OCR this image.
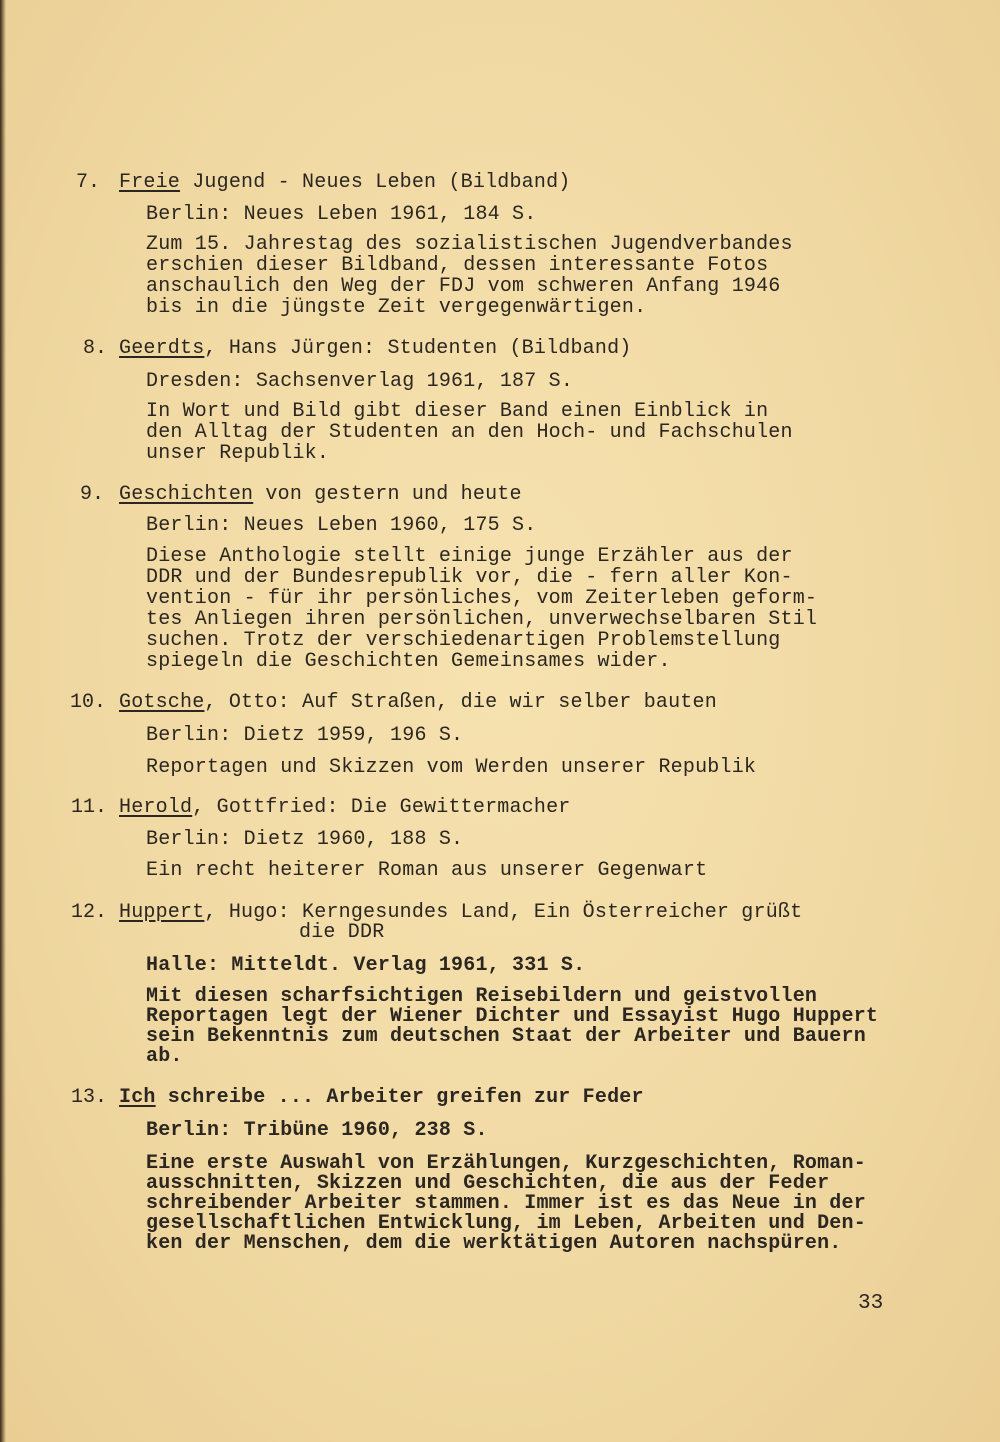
7. Freie Jugend - Neues Leben (Bildband)
Berlin: Neues Leben 1961, 184 S.
Zum 15. Jahrestag des sozialistischen Jugendverbandes
erschien dieser Bildband, dessen interessante Fotos
anschaulich den Weg der FDJ vom schweren Anfang 1946
bis in die jüngste Zeit vergegenwärtigen.
8. Geerdts, Hans Jürgen: Studenten (Bildband)
Dresden: Sachsenverlag 1961, 187 S.
In Wort und Bild gibt dieser Band einen Einblick in
den Alltag der Studenten an den Hoch- und Fachschulen
unser Republik.
9. Geschichten von gestern und heute
Berlin: Neues Leben 1960, 175 S.
Diese Anthologie stellt einige junge Erzähler aus der
DDR und der Bundesrepublik vor, die - fern aller Kon-
vention - für ihr persönliches, vom Zeiterleben geform-
tes Anliegen ihren persönlichen, unverwechselbaren Stil
suchen. Trotz der verschiedenartigen Problemstellung
spiegeln die Geschichten Gemeinsames wider.
10. Gotsche, Otto: Auf Straßen, die wir selber bauten
Berlin: Dietz 1959, 196 S.
Reportagen und Skizzen vom Werden unserer Republik
11. Herold, Gottfried: Die Gewittermacher
Berlin: Dietz 1960, 188 S.
Ein recht heiterer Roman aus unserer Gegenwart
12. Huppert, Hugo: Kerngesundes Land, Ein Österreicher grüßt
die DDR
Halle: Mitteldt. Verlag 1961, 331 S.
Mit diesen scharfsichtigen Reisebildern und geistvollen
Reportagen legt der Wiener Dichter und Essayist Hugo Huppert
sein Bekenntnis zum deutschen Staat der Arbeiter und Bauern
ab.
13. Ich schreibe ... Arbeiter greifen zur Feder
Berlin: Tribüne 1960, 238 S.
Eine erste Auswahl von Erzählungen, Kurzgeschichten, Roman-
ausschnitten, Skizzen und Geschichten, die aus der Feder
schreibender Arbeiter stammen. Immer ist es das Neue in der
gesellschaftlichen Entwicklung, im Leben, Arbeiten und Den-
ken der Menschen, dem die werktätigen Autoren nachspüren.
33
